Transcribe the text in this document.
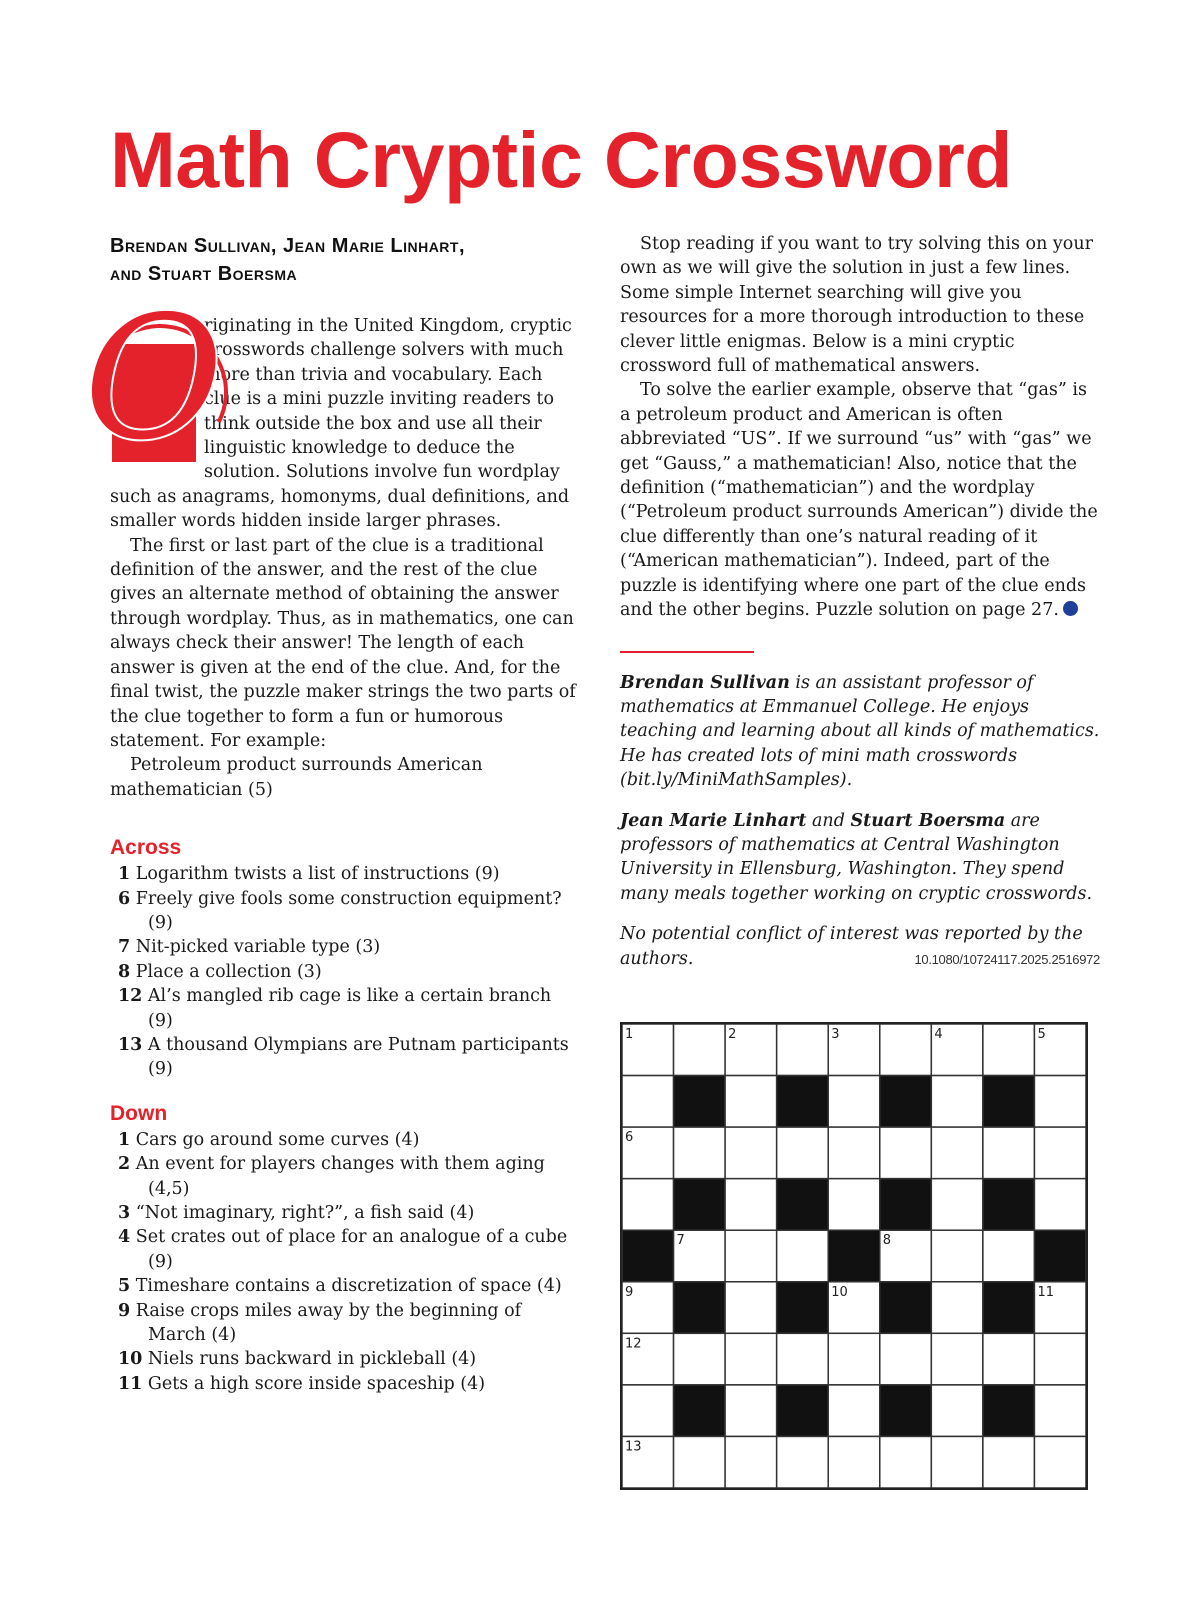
Math Cryptic Crossword
Brendan Sullivan, Jean Marie Linhart,
and Stuart Boersma
O

riginating in the United Kingdom, cryptic crosswords challenge solvers with much more than trivia and vocabulary. Each clue is a mini puzzle inviting readers to think outside the box and use all their linguistic knowledge to deduce the solution. Solutions involve fun wordplay such as anagrams, homonyms, dual definitions, and smaller words hidden inside larger phrases.

The first or last part of the clue is a traditional definition of the answer, and the rest of the clue gives an alternate method of obtaining the answer through wordplay. Thus, as in mathematics, one can always check their answer! The length of each answer is given at the end of the clue. And, for the final twist, the puzzle maker strings the two parts of the clue together to form a fun or humorous statement. For example:

Petroleum product surrounds American mathematician (5)

Across

1 Logarithm twists a list of instructions (9)

6 Freely give fools some construction equipment? (9)

7 Nit-picked variable type (3)

8 Place a collection (3)

12 Al’s mangled rib cage is like a certain branch (9)

13 A thousand Olympians are Putnam participants (9)

Down

1 Cars go around some curves (4)

2 An event for players changes with them aging (4,5)

3 “Not imaginary, right?”, a fish said (4)

4 Set crates out of place for an analogue of a cube (9)

5 Timeshare contains a discretization of space (4)

9 Raise crops miles away by the beginning of March (4)

10 Niels runs backward in pickleball (4)

11 Gets a high score inside spaceship (4)

Stop reading if you want to try solving this on your own as we will give the solution in just a few lines. Some simple Internet searching will give you resources for a more thorough introduction to these clever little enigmas. Below is a mini cryptic crossword full of mathematical answers.

To solve the earlier example, observe that “gas” is a petroleum product and American is often abbreviated “US”. If we surround “us” with “gas” we get “Gauss,” a mathematician! Also, notice that the definition (“mathematician”) and the wordplay (“Petroleum product surrounds American”) divide the clue differently than one’s natural reading of it (“American mathematician”). Indeed, part of the puzzle is identifying where one part of the clue ends and the other begins. Puzzle solution on page 27.

Brendan Sullivan is an assistant professor of mathematics at Emmanuel College. He enjoys teaching and learning about all kinds of mathematics. He has created lots of mini math crosswords (bit.ly/MiniMathSamples).

Jean Marie Linhart and Stuart Boersma are professors of mathematics at Central Washington University in Ellensburg, Washington. They spend many meals together working on cryptic crosswords.

No potential conflict of interest was reported by the authors.	10.1080/10724117.2025.2516972
1	2	3	4	5
6
7	8
9	10	11
12
13
